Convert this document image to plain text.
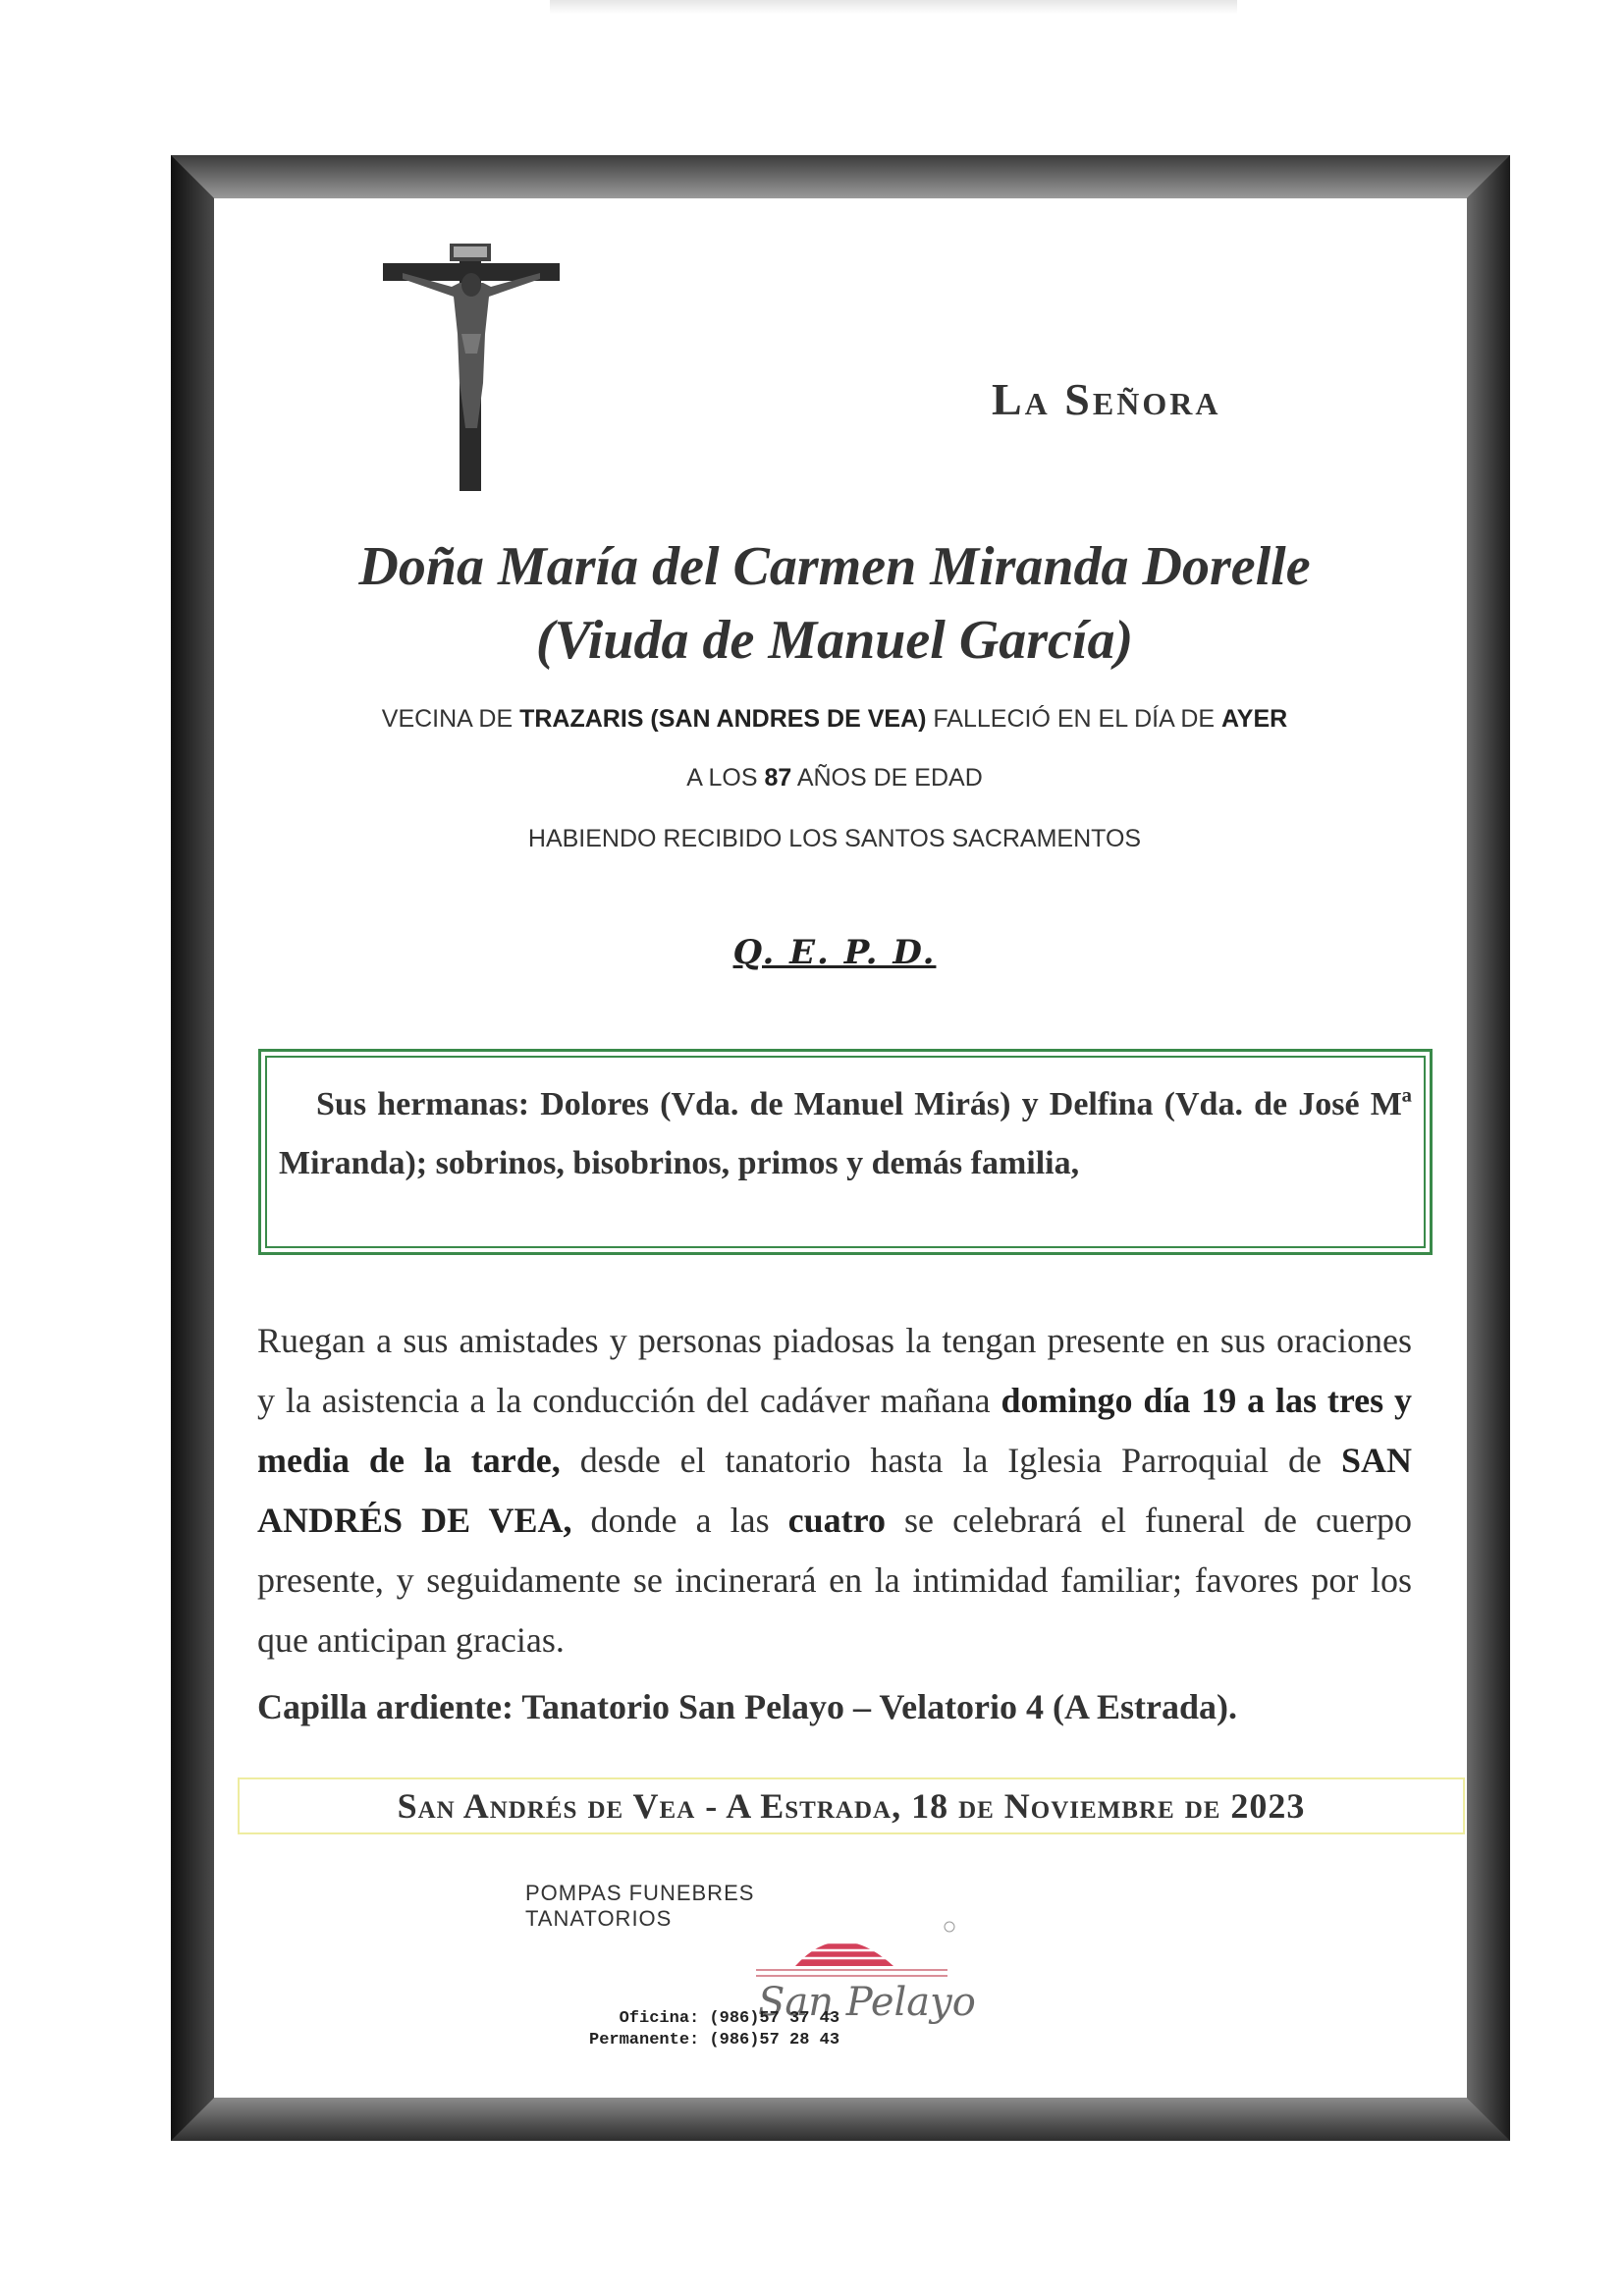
La Señora
Doña María del Carmen Miranda Dorelle
(Viuda de Manuel García)
VECINA DE TRAZARIS (SAN ANDRES DE VEA) FALLECIÓ EN EL DÍA DE AYER
A LOS 87 AÑOS DE EDAD
HABIENDO RECIBIDO LOS SANTOS SACRAMENTOS
Q. E. P. D.
Sus hermanas: Dolores (Vda. de Manuel Mirás) y Delfina (Vda. de José Mª Miranda); sobrinos, bisobrinos, primos y demás familia,
Ruegan a sus amistades y personas piadosas la tengan presente en sus oraciones y la asistencia a la conducción del cadáver mañana domingo día 19 a las tres y media de la tarde, desde el tanatorio hasta la Iglesia Parroquial de SAN ANDRÉS DE VEA, donde a las cuatro se celebrará el funeral de cuerpo presente, y seguidamente se incinerará en la intimidad familiar; favores por los que anticipan gracias.
Capilla ardiente: Tanatorio San Pelayo – Velatorio 4 (A Estrada).
San Andrés de Vea - A Estrada, 18 de Noviembre de 2023
POMPAS FUNEBRES
TANATORIOS
San Pelayo
Oficina: (986)57 37 43
Permanente: (986)57 28 43
